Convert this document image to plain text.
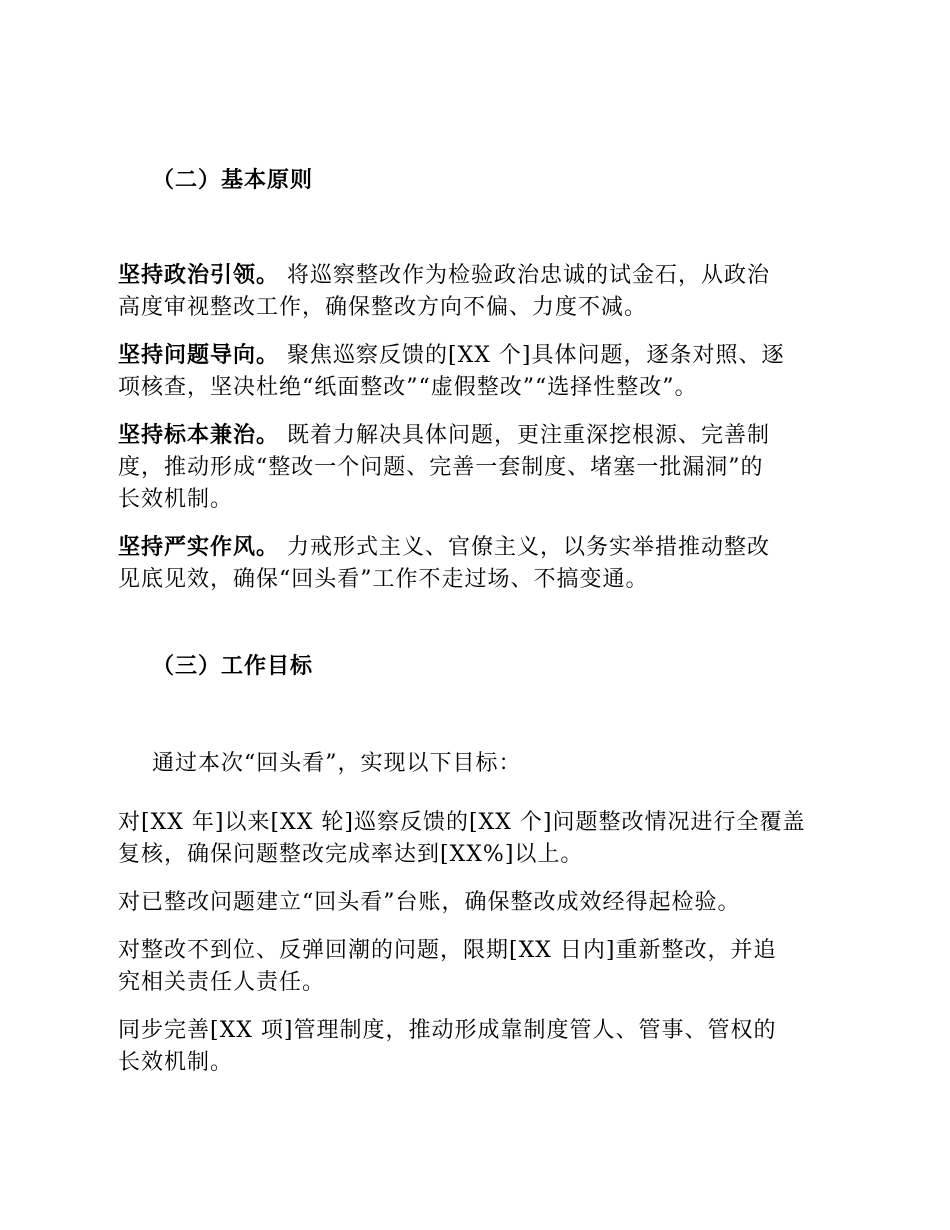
（二）基本原则
坚持政治引领。 将巡察整改作为检验政治忠诚的试金石，从政治
高度审视整改工作，确保整改方向不偏、力度不减。
坚持问题导向。 聚焦巡察反馈的[XX 个]具体问题，逐条对照、逐
项核查，坚决杜绝“纸面整改”“虚假整改”“选择性整改”。
坚持标本兼治。 既着力解决具体问题，更注重深挖根源、完善制
度，推动形成“整改一个问题、完善一套制度、堵塞一批漏洞”的
长效机制。
坚持严实作风。 力戒形式主义、官僚主义，以务实举措推动整改
见底见效，确保“回头看”工作不走过场、不搞变通。
（三）工作目标
通过本次“回头看”，实现以下目标：
对[XX 年]以来[XX 轮]巡察反馈的[XX 个]问题整改情况进行全覆盖
复核，确保问题整改完成率达到[XX%]以上。
对已整改问题建立“回头看”台账，确保整改成效经得起检验。
对整改不到位、反弹回潮的问题，限期[XX 日内]重新整改，并追
究相关责任人责任。
同步完善[XX 项]管理制度，推动形成靠制度管人、管事、管权的
长效机制。
